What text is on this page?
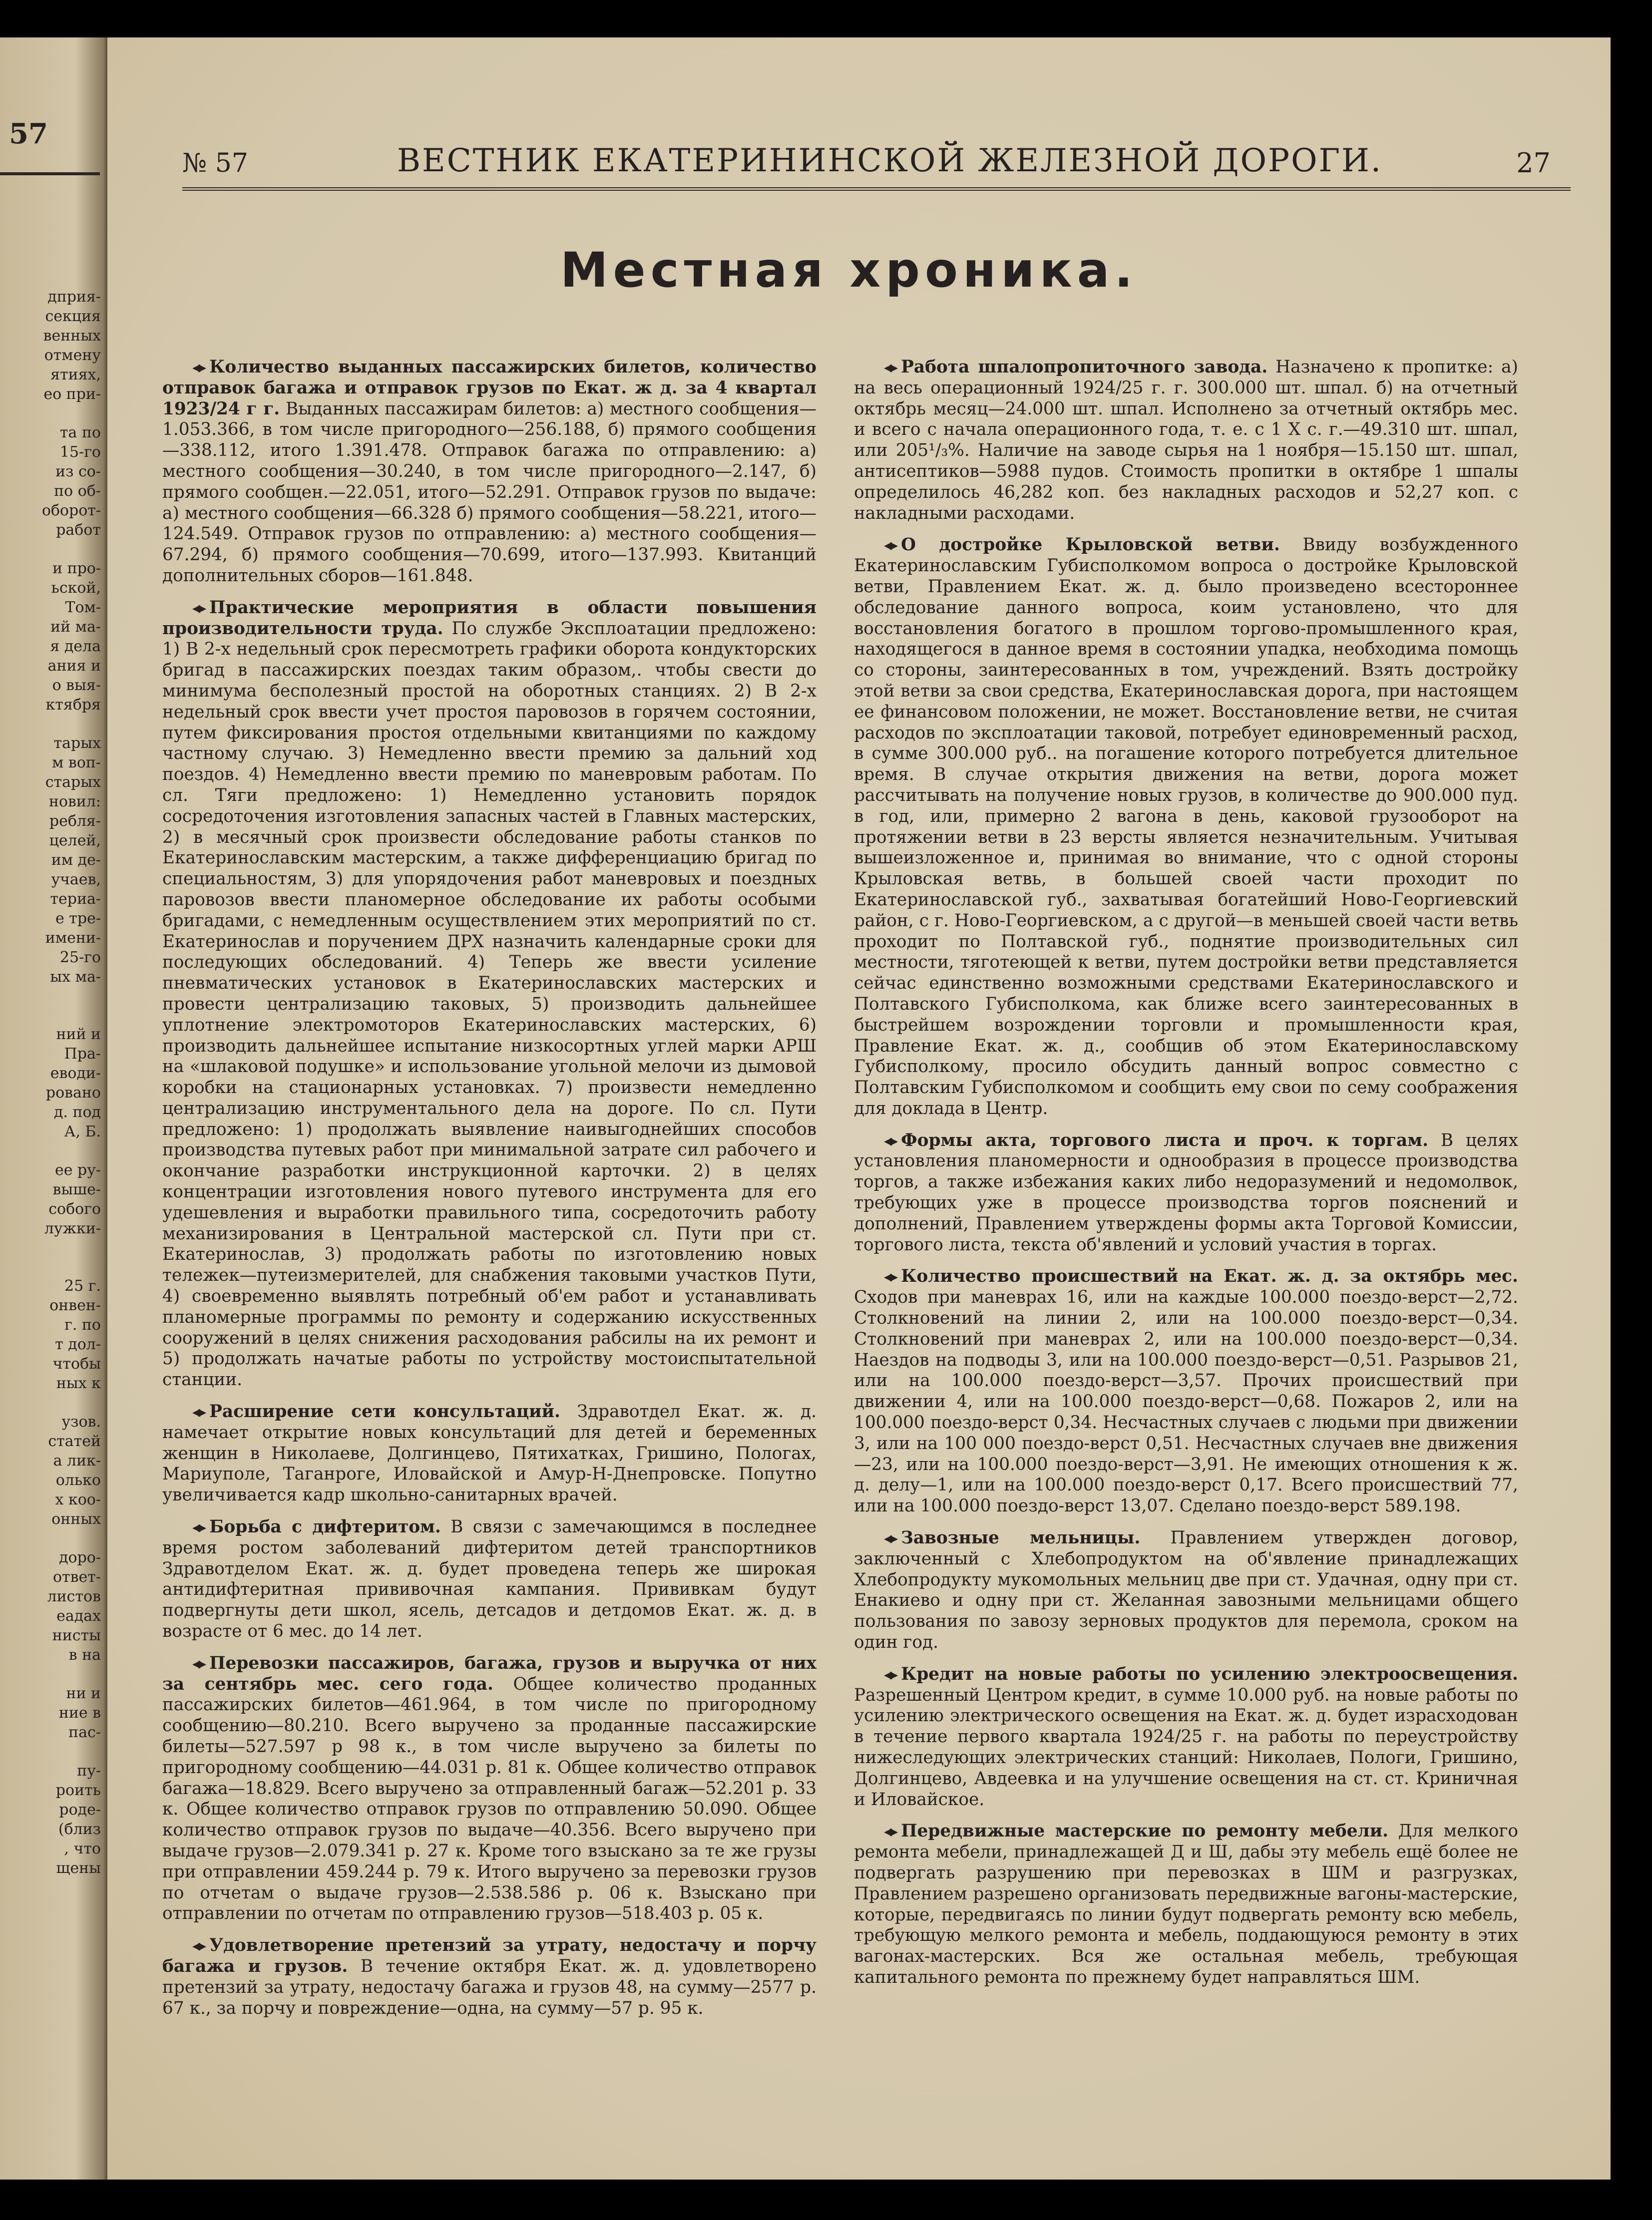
57
дприя-
секция
венных
отмену
ятиях,
ео при-
та по
15-го
из со-
по об-
оборот-
работ
и про-
ьской,
Том-
ий ма-
я дела
ания и
о выя-
ктября
тарых
м воп-
старых
новил:
ребля-
целей,
им де-
учаев,
териа-
е тре-
имени-
25-го
ых ма-
ний и
Пра-
еводи-
ровано
д. под
А, Б.
ее ру-
выше-
собого
лужки-
25 г.
онвен-
г. по
т дол-
чтобы
ных к
узов.
статей
а лик-
олько
х коо-
онных
доро-
ответ-
листов
еадах
нисты
в на
ни и
ние в
пас-
пу-
роить
роде-
(близ
, что
щены
№ 57	ВЕСТНИК ЕКАТЕРИНИНСКОЙ ЖЕЛЕЗНОЙ ДОРОГИ.	27
Местная хроника.

◂▸ Количество выданных пассажирских билетов, количество отправок багажа и отправок грузов по Екат. ж д. за 4 квартал 1923/24 г г. Выданных пассажирам билетов: а) местного сообщения—1.053.366, в том числе пригородного—256.188, б) прямого сообщения—338.112, итого 1.391.478. Отправок багажа по отправлению: а) местного сообщения—30.240, в том числе пригородного—2.147, б) прямого сообщен.—22.051, итого—52.291. Отправок грузов по выдаче: а) местного сообщения—66.328 б) прямого сообщения—58.221, итого—124.549. Отправок грузов по отправлению: а) местного сообщения—67.294, б) прямого сообщения—70.699, итого—137.993. Квитанций дополнительных сборов—161.848.

◂▸ Практические мероприятия в области повышения производительности труда. По службе Эксплоатации предложено: 1) В 2-х недельный срок пересмотреть графики оборота кондукторских бригад в пассажирских поездах таким образом,. чтобы свести до минимума бесполезный простой на оборотных станциях. 2) В 2-х недельный срок ввести учет простоя паровозов в горячем состоянии, путем фиксирования простоя отдельными квитанциями по каждому частному случаю. 3) Немедленно ввести премию за дальний ход поездов. 4) Немедленно ввести премию по маневровым работам. По сл. Тяги предложено: 1) Немедленно установить порядок сосредоточения изготовления запасных частей в Главных мастерских, 2) в месячный срок произвести обследование работы станков по Екатеринославским мастерским, а также дифференциацию бригад по специальностям, 3) для упорядочения работ маневровых и поездных паровозов ввести планомерное обследование их работы особыми бригадами, с немедленным осуществлением этих мероприятий по ст. Екатеринослав и поручением ДРХ назначить календарные сроки для последующих обследований. 4) Теперь же ввести усиление пневматических установок в Екатеринославских мастерских и провести централизацию таковых, 5) производить дальнейшее уплотнение электромоторов Екатеринославских мастерских, 6) производить дальнейшее испытание низкосортных углей марки АРШ на «шлаковой подушке» и использование угольной мелочи из дымовой коробки на стационарных установках. 7) произвести немедленно централизацию инструментального дела на дороге. По сл. Пути предложено: 1) продолжать выявление наивыгоднейших способов производства путевых работ при минимальной затрате сил рабочего и окончание разработки инструкционной карточки. 2) в целях концентрации изготовления нового путевого инструмента для его удешевления и выработки правильного типа, сосредоточить работу механизирования в Центральной мастерской сл. Пути при ст. Екатеринослав, 3) продолжать работы по изготовлению новых тележек—путеизмерителей, для снабжения таковыми участков Пути, 4) своевременно выявлять потребный об'ем работ и устанавливать планомерные программы по ремонту и содержанию искусственных сооружений в целях снижения расходования рабсилы на их ремонт и 5) продолжать начатые работы по устройству мостоиспытательной станции.

◂▸ Расширение сети консультаций. Здравотдел Екат. ж. д. намечает открытие новых консультаций для детей и беременных женщин в Николаеве, Долгинцево, Пятихатках, Гришино, Пологах, Мариуполе, Таганроге, Иловайской и Амур-Н-Днепровске. Попутно увеличивается кадр школьно-санитарных врачей.

◂▸ Борьба с дифтеритом. В связи с замечающимся в последнее время ростом заболеваний дифтеритом детей транспортников Здравотделом Екат. ж. д. будет проведена теперь же широкая антидифтеритная прививочная кампания. Прививкам будут подвергнуты дети школ, ясель, детсадов и детдомов Екат. ж. д. в возрасте от 6 мес. до 14 лет.

◂▸ Перевозки пассажиров, багажа, грузов и выручка от них за сентябрь мес. сего года. Общее количество проданных пассажирских билетов—461.964, в том числе по пригородному сообщению—80.210. Всего выручено за проданные пассажирские билеты—527.597 р 98 к., в том числе выручено за билеты по пригородному сообщению—44.031 р. 81 к. Общее количество отправок багажа—18.829. Всего выручено за отправленный багаж—52.201 р. 33 к. Общее количество отправок грузов по отправлению 50.090. Общее количество отправок грузов по выдаче—40.356. Всего выручено при выдаче грузов—2.079.341 р. 27 к. Кроме того взыскано за те же грузы при отправлении 459.244 р. 79 к. Итого выручено за перевозки грузов по отчетам о выдаче грузов—2.538.586 р. 06 к. Взыскано при отправлении по отчетам по отправлению грузов—518.403 р. 05 к.

◂▸ Удовлетворение претензий за утрату, недостачу и порчу багажа и грузов. В течение октября Екат. ж. д. удовлетворено претензий за утрату, недостачу багажа и грузов 48, на сумму—2577 р. 67 к., за порчу и повреждение—одна, на сумму—57 р. 95 к.

◂▸ Работа шпалопропиточного завода. Назначено к пропитке: а) на весь операционный 1924/25 г. г. 300.000 шт. шпал. б) на отчетный октябрь месяц—24.000 шт. шпал. Исполнено за отчетный октябрь мес. и всего с начала операционного года, т. е. с 1 Х с. г.—49.310 шт. шпал, или 205¹/₃%. Наличие на заводе сырья на 1 ноября—15.150 шт. шпал, антисептиков—5988 пудов. Стоимость пропитки в октябре 1 шпалы определилось 46,282 коп. без накладных расходов и 52,27 коп. с накладными расходами.

◂▸ О достройке Крыловской ветви. Ввиду возбужденного Екатеринославским Губисполкомом вопроса о достройке Крыловской ветви, Правлением Екат. ж. д. было произведено всестороннее обследование данного вопроса, коим установлено, что для восстановления богатого в прошлом торгово-промышленного края, находящегося в данное время в состоянии упадка, необходима помощь со стороны, заинтересованных в том, учреждений. Взять достройку этой ветви за свои средства, Екатеринославская дорога, при настоящем ее финансовом положении, не может. Восстановление ветви, не считая расходов по эксплоатации таковой, потребует единовременный расход, в сумме 300.000 руб.. на погашение которого потребуется длительное время. В случае открытия движения на ветви, дорога может рассчитывать на получение новых грузов, в количестве до 900.000 пуд. в год, или, примерно 2 вагона в день, каковой грузооборот на протяжении ветви в 23 версты является незначительным. Учитывая вышеизложенное и, принимая во внимание, что с одной стороны Крыловская ветвь, в большей своей части проходит по Екатеринославской губ., захватывая богатейший Ново-Георгиевский район, с г. Ново-Георгиевском, а с другой—в меньшей своей части ветвь проходит по Полтавской губ., поднятие производительных сил местности, тяготеющей к ветви, путем достройки ветви представляется сейчас единственно возможными средствами Екатеринославского и Полтавского Губисполкома, как ближе всего заинтересованных в быстрейшем возрождении торговли и промышленности края, Правление Екат. ж. д., сообщив об этом Екатеринославскому Губисполкому, просило обсудить данный вопрос совместно с Полтавским Губисполкомом и сообщить ему свои по сему соображения для доклада в Центр.

◂▸ Формы акта, торгового листа и проч. к торгам. В целях установления планомерности и однообразия в процессе производства торгов, а также избежания каких либо недоразумений и недомолвок, требующих уже в процессе производства торгов пояснений и дополнений, Правлением утверждены формы акта Торговой Комиссии, торгового листа, текста об'явлений и условий участия в торгах.

◂▸ Количество происшествий на Екат. ж. д. за октябрь мес. Сходов при маневрах 16, или на каждые 100.000 поездо-верст—2,72. Столкновений на линии 2, или на 100.000 поездо-верст—0,34. Столкновений при маневрах 2, или на 100.000 поездо-верст—0,34. Наездов на подводы 3, или на 100.000 поездо-верст—0,51. Разрывов 21, или на 100.000 поездо-верст—3,57. Прочих происшествий при движении 4, или на 100.000 поездо-верст—0,68. Пожаров 2, или на 100.000 поездо-верст 0,34. Несчастных случаев с людьми при движении 3, или на 100 000 поездо-верст 0,51. Несчастных случаев вне движения—23, или на 100.000 поездо-верст—3,91. Не имеющих отношения к ж. д. делу—1, или на 100.000 поездо-верст 0,17. Всего происшествий 77, или на 100.000 поездо-верст 13,07. Сделано поездо-верст 589.198.

◂▸ Завозные мельницы. Правлением утвержден договор, заключенный с Хлебопродуктом на об'явление принадлежащих Хлебопродукту мукомольных мельниц две при ст. Удачная, одну при ст. Енакиево и одну при ст. Желанная завозными мельницами общего пользования по завозу зерновых продуктов для перемола, сроком на один год.

◂▸ Кредит на новые работы по усилению электроосвещения. Разрешенный Центром кредит, в сумме 10.000 руб. на новые работы по усилению электрического освещения на Екат. ж. д. будет израсходован в течение первого квартала 1924/25 г. на работы по переустройству нижеследующих электрических станций: Николаев, Пологи, Гришино, Долгинцево, Авдеевка и на улучшение освещения на ст. ст. Криничная и Иловайское.

◂▸ Передвижные мастерские по ремонту мебели. Для мелкого ремонта мебели, принадлежащей Д и Ш, дабы эту мебель ещё более не подвергать разрушению при перевозках в ШМ и разгрузках, Правлением разрешено организовать передвижные вагоны-мастерские, которые, передвигаясь по линии будут подвергать ремонту всю мебель, требующую мелкого ремонта и мебель, поддающуюся ремонту в этих вагонах-мастерских. Вся же остальная мебель, требующая капитального ремонта по прежнему будет направляться ШМ.
